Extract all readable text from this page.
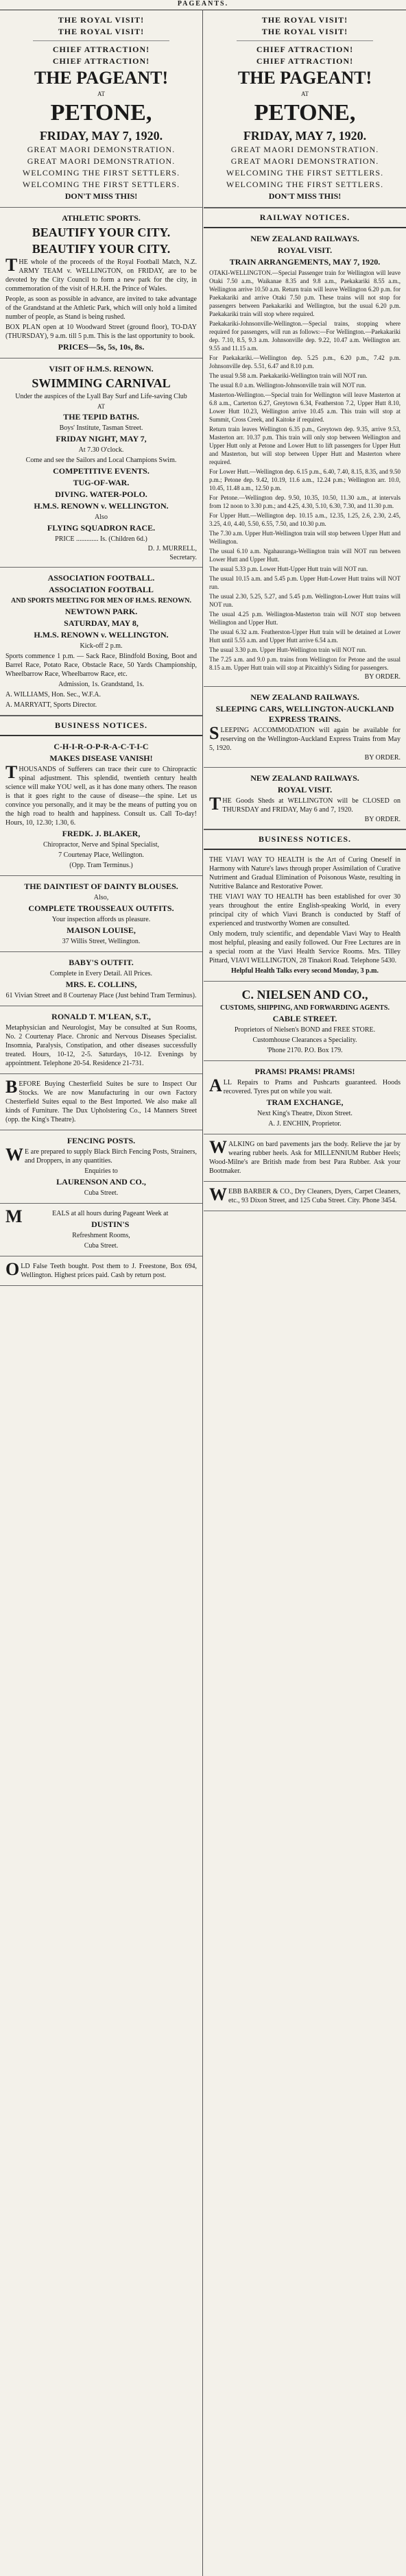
PAGEANTS.

THE ROYAL VISIT!

THE ROYAL VISIT!

CHIEF ATTRACTION!

CHIEF ATTRACTION!

THE PAGEANT!

AT

PETONE,

FRIDAY, MAY 7, 1920.

GREAT MAORI DEMONSTRATION.

GREAT MAORI DEMONSTRATION.

WELCOMING THE FIRST SETTLERS.

WELCOMING THE FIRST SETTLERS.

DON'T MISS THIS!

ATHLETIC SPORTS.

BEAUTIFY YOUR CITY.

BEAUTIFY YOUR CITY.

THE whole of the proceeds of the Royal Football Match, N.Z. ARMY TEAM v. WELLINGTON, on FRIDAY, are to be devoted by the City Council to form a new park for the city, in commemoration of the visit of H.R.H. the Prince of Wales.

People, as soon as possible in advance, are invited to take advantage of the Grandstand at the Athletic Park, which will only hold a limited number of people, as Stand is being rushed.

BOX PLAN open at 10 Woodward Street (ground floor), TO-DAY (THURSDAY), 9 a.m. till 5 p.m. This is the last opportunity to book.

PRICES—5s, 5s, 10s, 8s.

VISIT OF H.M.S. RENOWN.

SWIMMING CARNIVAL

Under the auspices of the Lyall Bay Surf and Life-saving Club

AT

THE TEPID BATHS.

Boys' Institute, Tasman Street.

FRIDAY NIGHT, MAY 7,

At 7.30 O'clock.

Come and see the Sailors and Local Champions Swim.

COMPETITIVE EVENTS.

TUG-OF-WAR.

DIVING. WATER-POLO.

H.M.S. RENOWN v. WELLINGTON.

Also

FLYING SQUADRON RACE.

PRICE ............. Is. (Children 6d.)

D. J. MURRELL,

Secretary.

ASSOCIATION FOOTBALL.

ASSOCIATION FOOTBALL

AND SPORTS MEETING FOR MEN OF H.M.S. RENOWN.

NEWTOWN PARK.

SATURDAY, MAY 8,

H.M.S. RENOWN v. WELLINGTON.

Kick-off 2 p.m.

Sports commence 1 p.m. — Sack Race, Blindfold Boxing, Boot and Barrel Race, Potato Race, Obstacle Race, 50 Yards Championship, Wheelbarrow Race, Wheelbarrow Race, etc.

Admission, 1s. Grandstand, 1s.

A. WILLIAMS, Hon. Sec., W.F.A.

A. MARRYATT, Sports Director.

BUSINESS NOTICES.

C-H-I-R-O-P-R-A-C-T-I-C

MAKES DISEASE VANISH!

THOUSANDS of Sufferers can trace their cure to Chiropractic spinal adjustment. This splendid, twentieth century health science will make YOU well, as it has done many others. The reason is that it goes right to the cause of disease—the spine. Let us convince you personally, and it may be the means of putting you on the high road to health and happiness. Consult us. Call To-day! Hours, 10, 12.30; 1.30, 6.

FREDK. J. BLAKER,

Chiropractor, Nerve and Spinal Specialist,

7 Courtenay Place, Wellington.

(Opp. Tram Terminus.)

THE DAINTIEST OF DAINTY BLOUSES.

Also,

COMPLETE TROUSSEAUX OUTFITS.

Your inspection affords us pleasure.

MAISON LOUISE,

37 Willis Street, Wellington.

BABY'S OUTFIT.

Complete in Every Detail. All Prices.

MRS. E. COLLINS,

61 Vivian Street and 8 Courtenay Place (Just behind Tram Terminus).

RONALD T. M'LEAN, S.T.,

Metaphysician and Neurologist, May be consulted at Sun Rooms, No. 2 Courtenay Place. Chronic and Nervous Diseases Specialist. Insomnia, Paralysis, Constipation, and other diseases successfully treated. Hours, 10-12, 2-5. Saturdays, 10-12. Evenings by appointment. Telephone 20-54. Residence 21-731.

BEFORE Buying Chesterfield Suites be sure to Inspect Our Stocks. We are now Manufacturing in our own Factory Chesterfield Suites equal to the Best Imported. We also make all kinds of Furniture. The Dux Upholstering Co., 14 Manners Street (opp. the King's Theatre).

FENCING POSTS.

WE are prepared to supply Black Birch Fencing Posts, Strainers, and Droppers, in any quantities.

Enquiries to

LAURENSON AND CO.,

Cuba Street.

MEALS at all hours during Pageant Week at

DUSTIN'S

Refreshment Rooms,

Cuba Street.

OLD False Teeth bought. Post them to J. Freestone, Box 694, Wellington. Highest prices paid. Cash by return post.

THE ROYAL VISIT!

THE ROYAL VISIT!

CHIEF ATTRACTION!

CHIEF ATTRACTION!

THE PAGEANT!

AT

PETONE,

FRIDAY, MAY 7, 1920.

GREAT MAORI DEMONSTRATION.

GREAT MAORI DEMONSTRATION.

WELCOMING THE FIRST SETTLERS.

WELCOMING THE FIRST SETTLERS.

DON'T MISS THIS!

RAILWAY NOTICES.

NEW ZEALAND RAILWAYS.

ROYAL VISIT.

TRAIN ARRANGEMENTS, MAY 7, 1920.

OTAKI-WELLINGTON.—Special Passenger train for Wellington will leave Otaki 7.50 a.m., Waikanae 8.35 and 9.8 a.m., Paekakariki 8.55 a.m., Wellington arrive 10.50 a.m. Return train will leave Wellington 6.20 p.m. for Paekakariki and arrive Otaki 7.50 p.m. These trains will not stop for passengers between Paekakariki and Wellington, but the usual 6.20 p.m. Paekakariki train will stop where required.

Paekakariki-Johnsonville-Wellington.—Special trains, stopping where required for passengers, will run as follows:—For Wellington.—Paekakariki dep. 7.10, 8.5, 9.3 a.m. Johnsonville dep. 9.22, 10.47 a.m. Wellington arr. 9.55 and 11.15 a.m.

For Paekakariki.—Wellington dep. 5.25 p.m., 6.20 p.m., 7.42 p.m. Johnsonville dep. 5.51, 6.47 and 8.10 p.m.

The usual 9.58 a.m. Paekakariki-Wellington train will NOT run.

The usual 8.0 a.m. Wellington-Johnsonville train will NOT run.

Masterton-Wellington.—Special train for Wellington will leave Masterton at 6.8 a.m., Carterton 6.27, Greytown 6.34, Featherston 7.2, Upper Hutt 8.10, Lower Hutt 10.23, Wellington arrive 10.45 a.m. This train will stop at Summit, Cross Creek, and Kaitoke if required.

Return train leaves Wellington 6.35 p.m., Greytown dep. 9.35, arrive 9.53, Masterton arr. 10.37 p.m. This train will only stop between Wellington and Upper Hutt only at Petone and Lower Hutt to lift passengers for Upper Hutt and Masterton, but will stop between Upper Hutt and Masterton where required.

For Lower Hutt.—Wellington dep. 6.15 p.m., 6.40, 7.40, 8.15, 8.35, and 9.50 p.m.; Petone dep. 9.42, 10.19, 11.6 a.m., 12.24 p.m.; Wellington arr. 10.0, 10.45, 11.48 a.m., 12.50 p.m.

For Petone.—Wellington dep. 9.50, 10.35, 10.50, 11.30 a.m., at intervals from 12 noon to 3.30 p.m.; and 4.25, 4.30, 5.10, 6.30, 7.30, and 11.30 p.m.

For Upper Hutt.—Wellington dep. 10.15 a.m., 12.35, 1.25, 2.6, 2.30, 2.45, 3.25, 4.0, 4.40, 5.50, 6.55, 7.50, and 10.30 p.m.

The 7.30 a.m. Upper Hutt-Wellington train will stop between Upper Hutt and Wellington.

The usual 6.10 a.m. Ngahauranga-Wellington train will NOT run between Lower Hutt and Upper Hutt.

The usual 5.33 p.m. Lower Hutt-Upper Hutt train will NOT run.

The usual 10.15 a.m. and 5.45 p.m. Upper Hutt-Lower Hutt trains will NOT run.

The usual 2.30, 5.25, 5.27, and 5.45 p.m. Wellington-Lower Hutt trains will NOT run.

The usual 4.25 p.m. Wellington-Masterton train will NOT stop between Wellington and Upper Hutt.

The usual 6.32 a.m. Featherston-Upper Hutt train will be detained at Lower Hutt until 5.55 a.m. and Upper Hutt arrive 6.54 a.m.

The usual 3.30 p.m. Upper Hutt-Wellington train will NOT run.

The 7.25 a.m. and 9.0 p.m. trains from Wellington for Petone and the usual 8.15 a.m. Upper Hutt train will stop at Pitcaithly's Siding for passengers.

BY ORDER.

NEW ZEALAND RAILWAYS.

SLEEPING CARS, WELLINGTON-AUCKLAND EXPRESS TRAINS.

SLEEPING ACCOMMODATION will again be available for reserving on the Wellington-Auckland Express Trains from May 5, 1920.

BY ORDER.

NEW ZEALAND RAILWAYS.

ROYAL VISIT.

THE Goods Sheds at WELLINGTON will be CLOSED on THURSDAY and FRIDAY, May 6 and 7, 1920.

BY ORDER.

BUSINESS NOTICES.

THE VIAVI WAY TO HEALTH is the Art of Curing Oneself in Harmony with Nature's laws through proper Assimilation of Curative Nutriment and Gradual Elimination of Poisonous Waste, resulting in Nutritive Balance and Restorative Power.

THE VIAVI WAY TO HEALTH has been established for over 30 years throughout the entire English-speaking World, in every principal city of which Viavi Branch is conducted by Staff of experienced and trustworthy Women are consulted.

Only modern, truly scientific, and dependable Viavi Way to Health most helpful, pleasing and easily followed. Our Free Lectures are in a special room at the Viavi Health Service Rooms. Mrs. Tilley Pittard, VIAVI WELLINGTON, 28 Tinakori Road. Telephone 5430.

Helpful Health Talks every second Monday, 3 p.m.

C. NIELSEN AND CO.,

CUSTOMS, SHIPPING, AND FORWARDING AGENTS.

CABLE STREET.

Proprietors of Nielsen's BOND and FREE STORE.

Customhouse Clearances a Speciality.

'Phone 2170. P.O. Box 179.

PRAMS! PRAMS! PRAMS!

ALL Repairs to Prams and Pushcarts guaranteed. Hoods recovered. Tyres put on while you wait.

TRAM EXCHANGE,

Next King's Theatre, Dixon Street.

A. J. ENCHIN, Proprietor.

WALKING on bard pavements jars the body. Relieve the jar by wearing rubber heels. Ask for MILLENNIUM Rubber Heels; Wood-Milne's are British made from best Para Rubber. Ask your Bootmaker.

WEBB BARBER & CO., Dry Cleaners, Dyers, Carpet Cleaners, etc., 93 Dixon Street, and 125 Cuba Street. City. Phone 3454.
